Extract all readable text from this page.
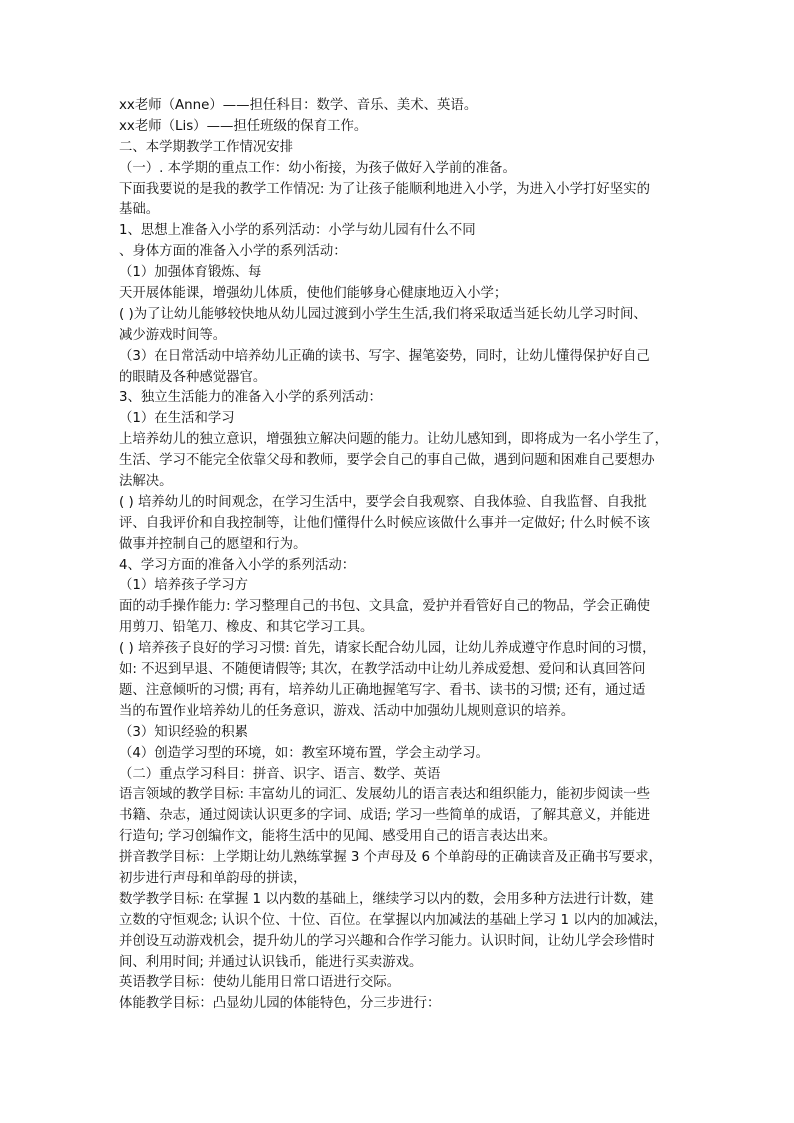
xx老师（Anne）——担任科目：数学、音乐、美术、英语。
xx老师（Lis）——担任班级的保育工作。
二、本学期教学工作情况安排
（一）. 本学期的重点工作：幼小衔接，为孩子做好入学前的准备。
下面我要说的是我的教学工作情况: 为了让孩子能顺利地进入小学，为进入小学打好坚实的
基础。
1、思想上准备入小学的系列活动：小学与幼儿园有什么不同
、身体方面的准备入小学的系列活动：
（1）加强体育锻炼、每
天开展体能课，增强幼儿体质，使他们能够身心健康地迈入小学；
( )为了让幼儿能够较快地从幼儿园过渡到小学生生活,我们将采取适当延长幼儿学习时间、
减少游戏时间等。
（3）在日常活动中培养幼儿正确的读书、写字、握笔姿势，同时，让幼儿懂得保护好自己
的眼睛及各种感觉器官。
3、独立生活能力的准备入小学的系列活动：
（1）在生活和学习
上培养幼儿的独立意识，增强独立解决问题的能力。让幼儿感知到，即将成为一名小学生了，
生活、学习不能完全依靠父母和教师，要学会自己的事自己做，遇到问题和困难自己要想办
法解决。
( ) 培养幼儿的时间观念，在学习生活中，要学会自我观察、自我体验、自我监督、自我批
评、自我评价和自我控制等，让他们懂得什么时候应该做什么事并一定做好; 什么时候不该
做事并控制自己的愿望和行为。
4、学习方面的准备入小学的系列活动：
（1）培养孩子学习方
面的动手操作能力: 学习整理自己的书包、文具盒，爱护并看管好自己的物品，学会正确使
用剪刀、铅笔刀、橡皮、和其它学习工具。
( ) 培养孩子良好的学习习惯: 首先，请家长配合幼儿园，让幼儿养成遵守作息时间的习惯，
如: 不迟到早退、不随便请假等; 其次，在教学活动中让幼儿养成爱想、爱问和认真回答问
题、注意倾听的习惯; 再有，培养幼儿正确地握笔写字、看书、读书的习惯; 还有，通过适
当的布置作业培养幼儿的任务意识，游戏、活动中加强幼儿规则意识的培养。
（3）知识经验的积累
（4）创造学习型的环境，如：教室环境布置，学会主动学习。
（二）重点学习科目：拼音、识字、语言、数学、英语
语言领域的教学目标: 丰富幼儿的词汇、发展幼儿的语言表达和组织能力，能初步阅读一些
书籍、杂志，通过阅读认识更多的字词、成语; 学习一些简单的成语，了解其意义，并能进
行造句; 学习创编作文，能将生活中的见闻、感受用自己的语言表达出来。
拼音教学目标：上学期让幼儿熟练掌握 3 个声母及 6 个单韵母的正确读音及正确书写要求，
初步进行声母和单韵母的拼读，
数学教学目标: 在掌握 1 以内数的基础上，继续学习以内的数，会用多种方法进行计数，建
立数的守恒观念; 认识个位、十位、百位。在掌握以内加减法的基础上学习 1 以内的加减法，
并创设互动游戏机会，提升幼儿的学习兴趣和合作学习能力。认识时间，让幼儿学会珍惜时
间、利用时间; 并通过认识钱币，能进行买卖游戏。
英语教学目标：使幼儿能用日常口语进行交际。
体能教学目标：凸显幼儿园的体能特色，分三步进行：
